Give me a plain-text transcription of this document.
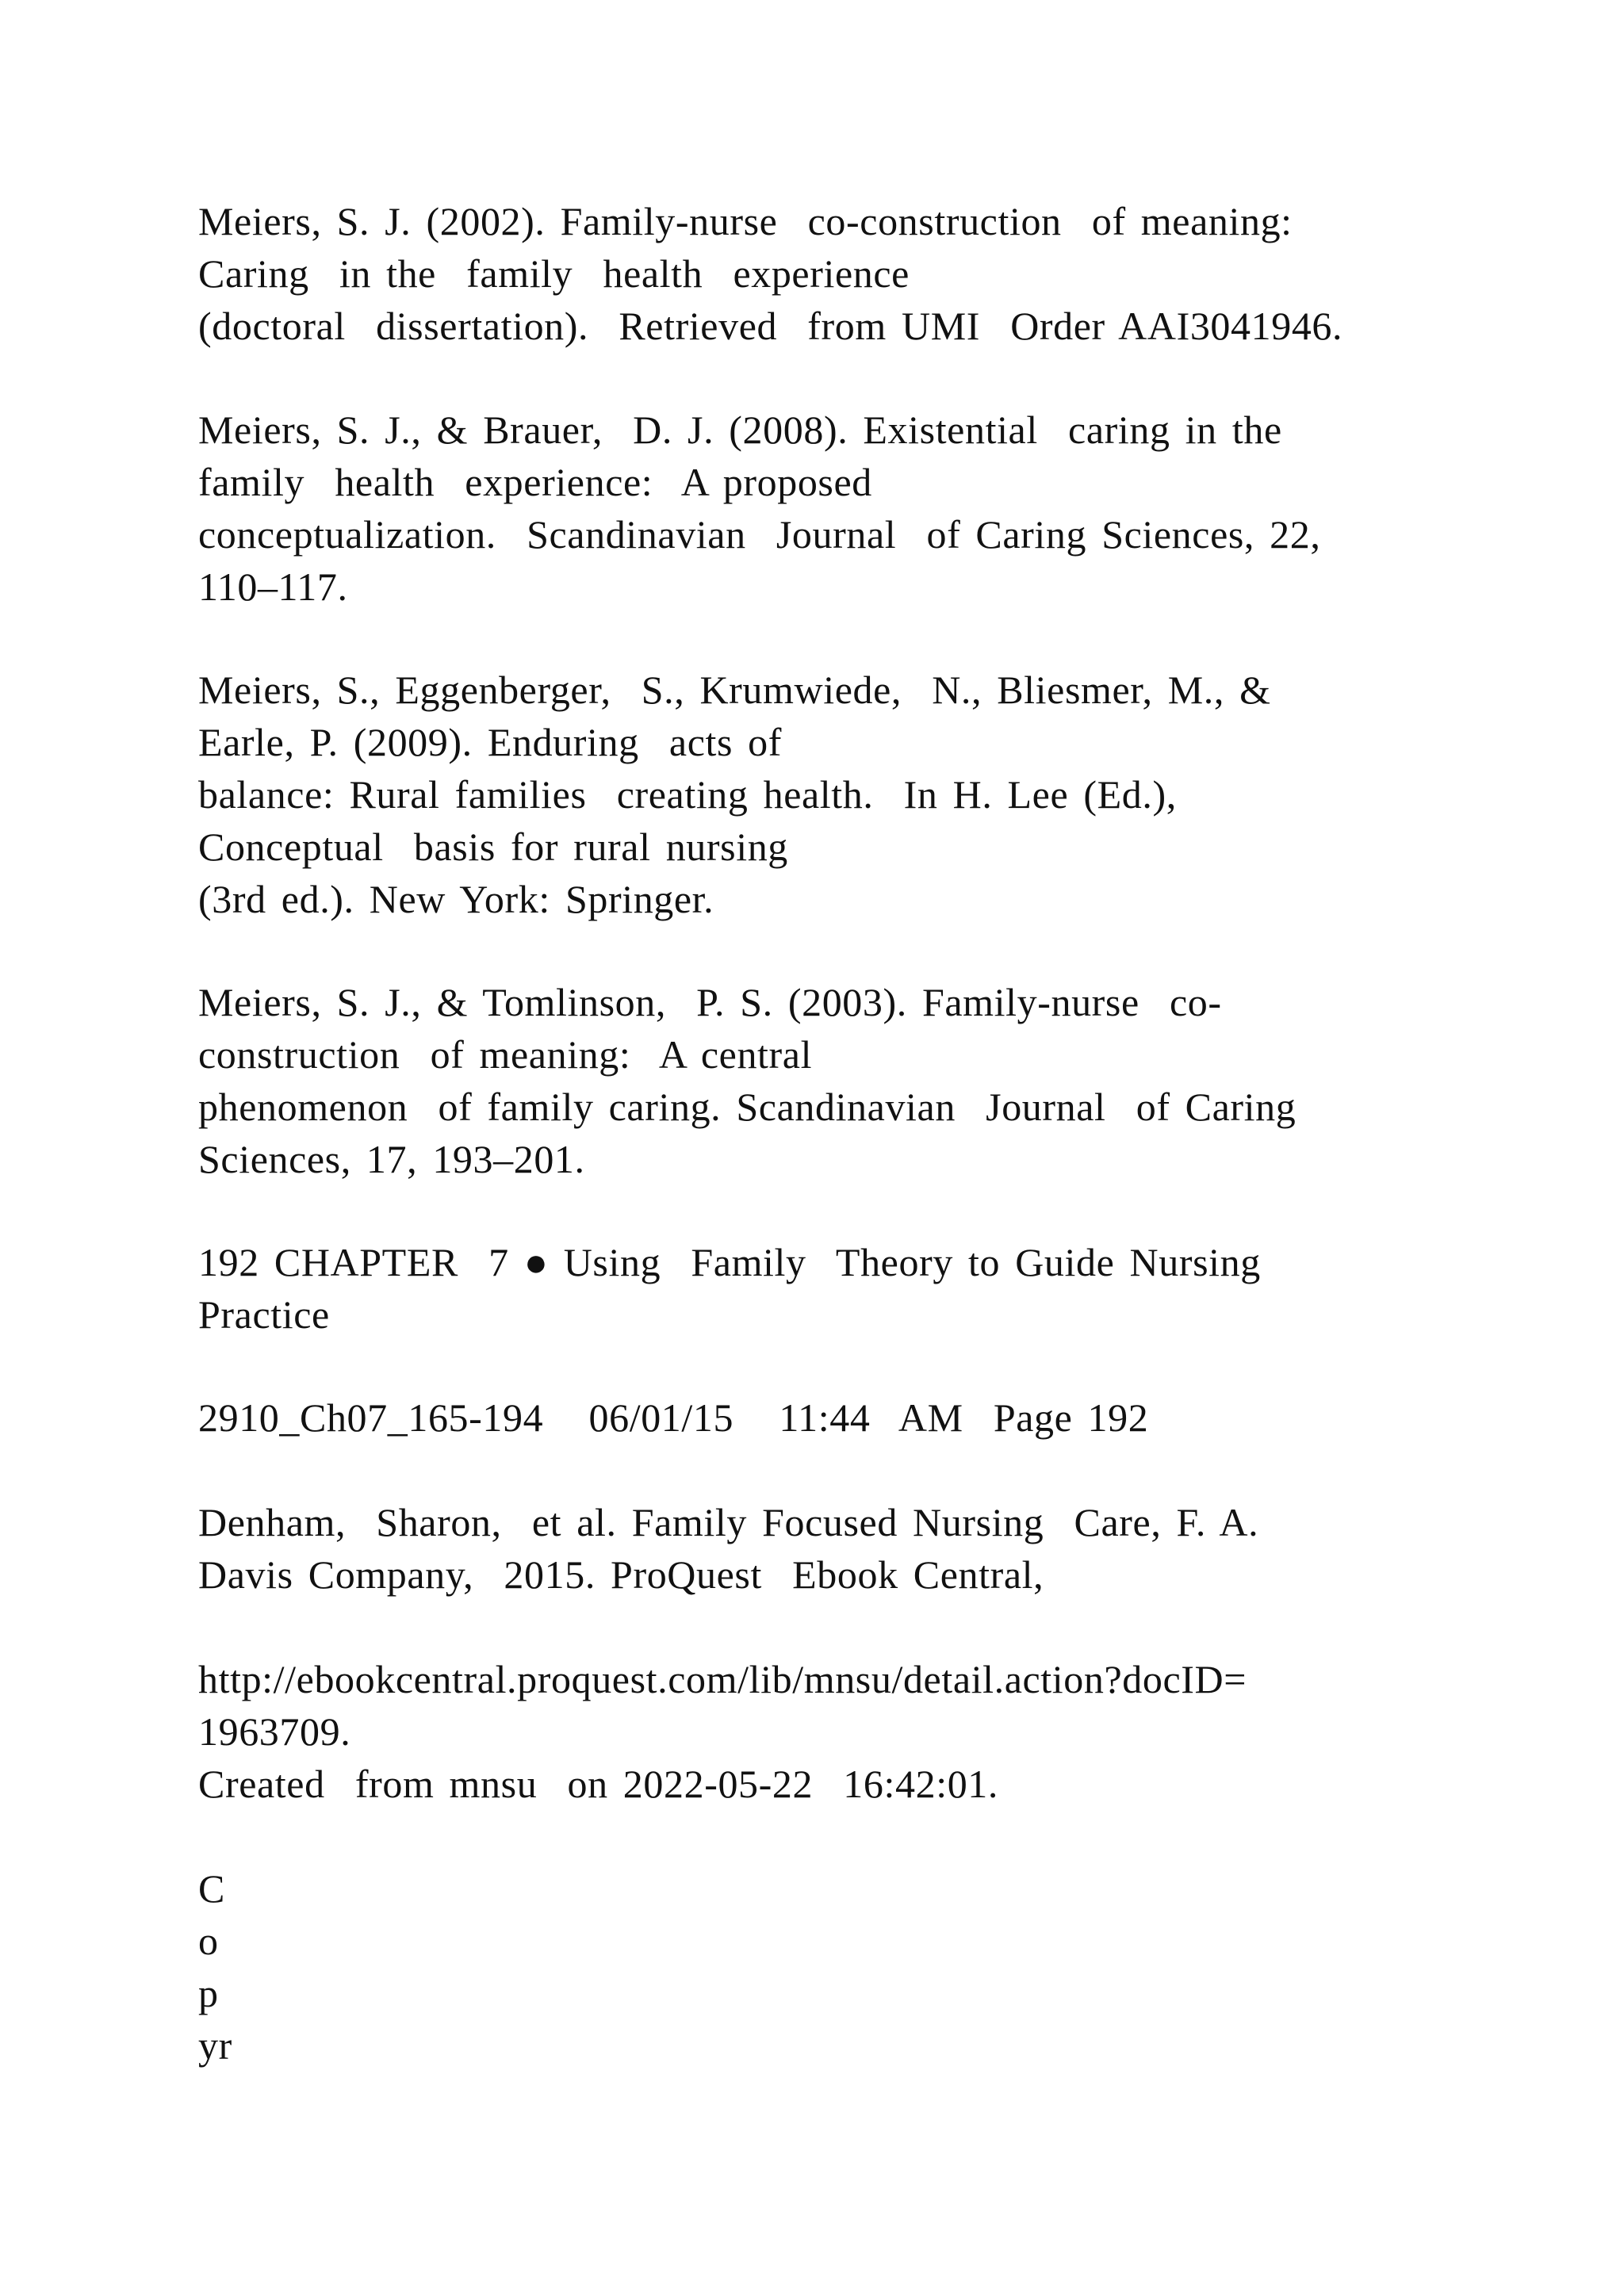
Meiers, S. J. (2002). Family-nurse  co-construction  of meaning:

Caring  in the  family  health  experience

(doctoral  dissertation).  Retrieved  from UMI  Order AAI3041946.

Meiers, S. J., & Brauer,  D. J. (2008). Existential  caring in the

family  health  experience:  A proposed

conceptualization.  Scandinavian  Journal  of Caring Sciences, 22,

110–117.

Meiers, S., Eggenberger,  S., Krumwiede,  N., Bliesmer, M., &

Earle, P. (2009). Enduring  acts of

balance: Rural families  creating health.  In H. Lee (Ed.),

Conceptual  basis for rural nursing

(3rd ed.). New York: Springer.

Meiers, S. J., & Tomlinson,  P. S. (2003). Family-nurse  co-

construction  of meaning:  A central

phenomenon  of family caring. Scandinavian  Journal  of Caring

Sciences, 17, 193–201.

192 CHAPTER  7 ● Using  Family  Theory to Guide Nursing

Practice

2910_Ch07_165-194   06/01/15   11:44  AM  Page 192

Denham,  Sharon,  et al. Family Focused Nursing  Care, F. A.

Davis Company,  2015. ProQuest  Ebook Central,

http://ebookcentral.proquest.com/lib/mnsu/detail.action?docID=

1963709.

Created  from mnsu  on 2022-05-22  16:42:01.

C

o

p

yr
